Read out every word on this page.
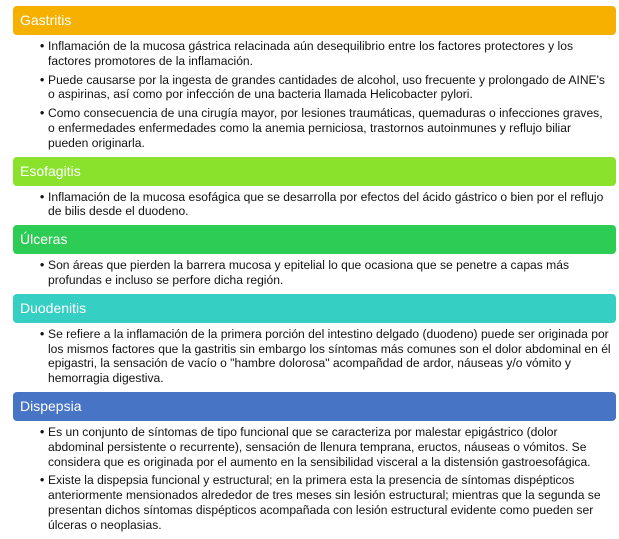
Gastritis
• Inflamación de la mucosa gástrica relacinada aún desequilibrio entre los factores protectores y los factores promotores de la inflamación.
• Puede causarse por la ingesta de grandes cantidades de alcohol, uso frecuente y prolongado de AINE's o aspirinas, así como por infección de una bacteria llamada Helicobacter pylori.
• Como consecuencia de una cirugía mayor, por lesiones traumáticas, quemaduras o infecciones graves, o enfermedades enfermedades como la anemia perniciosa, trastornos autoinmunes y reflujo biliar pueden originarla.
Esofagitis
• Inflamación de la mucosa esofágica que se desarrolla por efectos del ácido gástrico o bien por el reflujo de bilis desde el duodeno.
Úlceras
• Son áreas que pierden la barrera mucosa y epitelial lo que ocasiona que se penetre a capas más profundas e incluso se perfore dicha región.
Duodenitis
• Se refiere a la inflamación de la primera porción del intestino delgado (duodeno) puede ser originada por los mismos factores que la gastritis sin embargo los síntomas más comunes son el dolor abdominal en él epigastri, la sensación de vacío o "hambre dolorosa" acompañdad de ardor, náuseas y/o vómito y hemorragia digestiva.
Dispepsia
• Es un conjunto de síntomas de tipo funcional que se caracteriza por malestar epigástrico (dolor abdominal persistente o recurrente), sensación de llenura temprana, eructos, náuseas o vómitos. Se considera que es originada por el aumento en la sensibilidad visceral a la distensión gastroesofágica.
• Existe la dispepsia funcional y estructural; en la primera esta la presencia de síntomas dispépticos anteriormente mensionados alrededor de tres meses sin lesión estructural; mientras que la segunda se presentan dichos síntomas dispépticos acompañada con lesión estructural evidente como pueden ser úlceras o neoplasias.
